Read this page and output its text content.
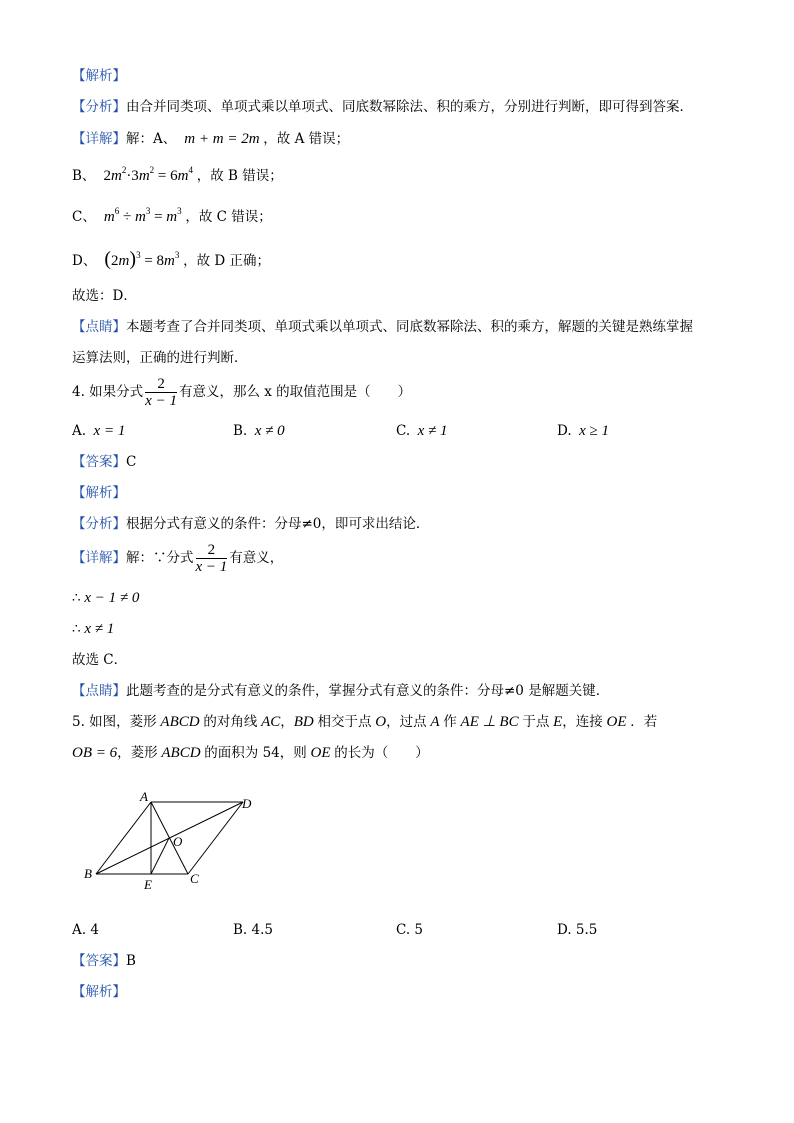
【解析】
【分析】由合并同类项、单项式乘以单项式、同底数幂除法、积的乘方，分别进行判断，即可得到答案．
【详解】解：A、  m + m = 2m ，故 A 错误；
B、  $2m^2\cdot 3m^2 = 6m^4$ ，故 B 错误；
C、 $m^6 \div m^3 = m^3$ ，故 C 错误；
D、 $(2m)^3 = 8m^3$ ，故 D 正确；
故选：D．
【点睛】本题考查了合并同类项、单项式乘以单项式、同底数幂除法、积的乘方，解题的关键是熟练掌握
运算法则，正确的进行判断．
4. 如果分式 $\frac{2}{x - 1}$ 有意义，那么 x 的取值范围是（　　）
A.  x = 1	B.  x ≠ 0	C.  x ≠ 1	D.  x ≥ 1
【答案】C
【解析】
【分析】根据分式有意义的条件：分母≠0，即可求出结论．
【详解】解：∵分式 $\frac{2}{x - 1}$ 有意义，
∴ x − 1 ≠ 0
∴ x ≠ 1
故选 C．
【点睛】此题考查的是分式有意义的条件，掌握分式有意义的条件：分母≠0 是解题关键．
5. 如图，菱形 ABCD 的对角线 AC，BD 相交于点 O，过点 A 作 AE ⊥ BC 于点 E，连接 OE ．若
OB = 6，菱形 ABCD 的面积为 54，则 OE 的长为（　　）
A
B	C
D
O
E
A. 4	B. 4.5	C. 5	D. 5.5
【答案】B
【解析】
